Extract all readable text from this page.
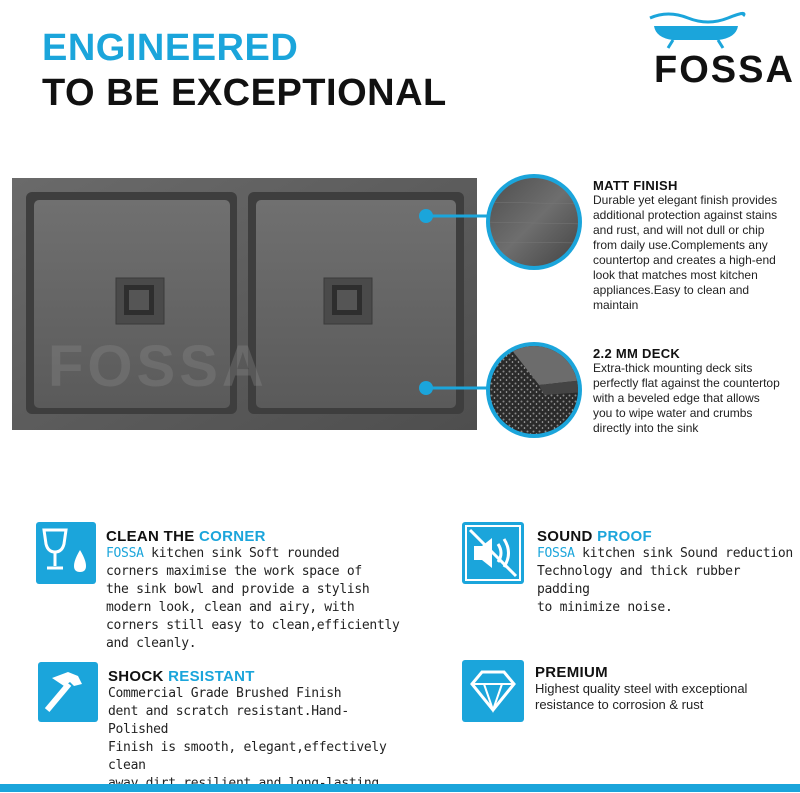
ENGINEERED
TO BE EXCEPTIONAL
FOSSA
FOSSA
MATT FINISH
Durable yet elegant finish provides
additional protection against stains
and rust, and will not dull or chip
from daily use.Complements any
countertop and creates a high-end
look that matches most kitchen
appliances.Easy to clean and
maintain
2.2 MM DECK
Extra-thick mounting deck sits
perfectly flat against the countertop
with a beveled edge that allows
you to wipe water and crumbs
directly into the sink
CLEAN THE CORNER
FOSSA kitchen sink Soft rounded
corners maximise the work space of
the sink bowl and provide a stylish
modern look, clean and airy, with
corners still easy to clean,efficiently
and cleanly.
SOUND PROOF
FOSSA kitchen sink Sound reduction
Technology and thick rubber padding
to minimize noise.
SHOCK RESISTANT
Commercial Grade Brushed Finish
dent and scratch resistant.Hand-Polished
Finish is smooth, elegant,effectively clean
PREMIUM
Highest quality steel with exceptional
resistance to corrosion & rust
